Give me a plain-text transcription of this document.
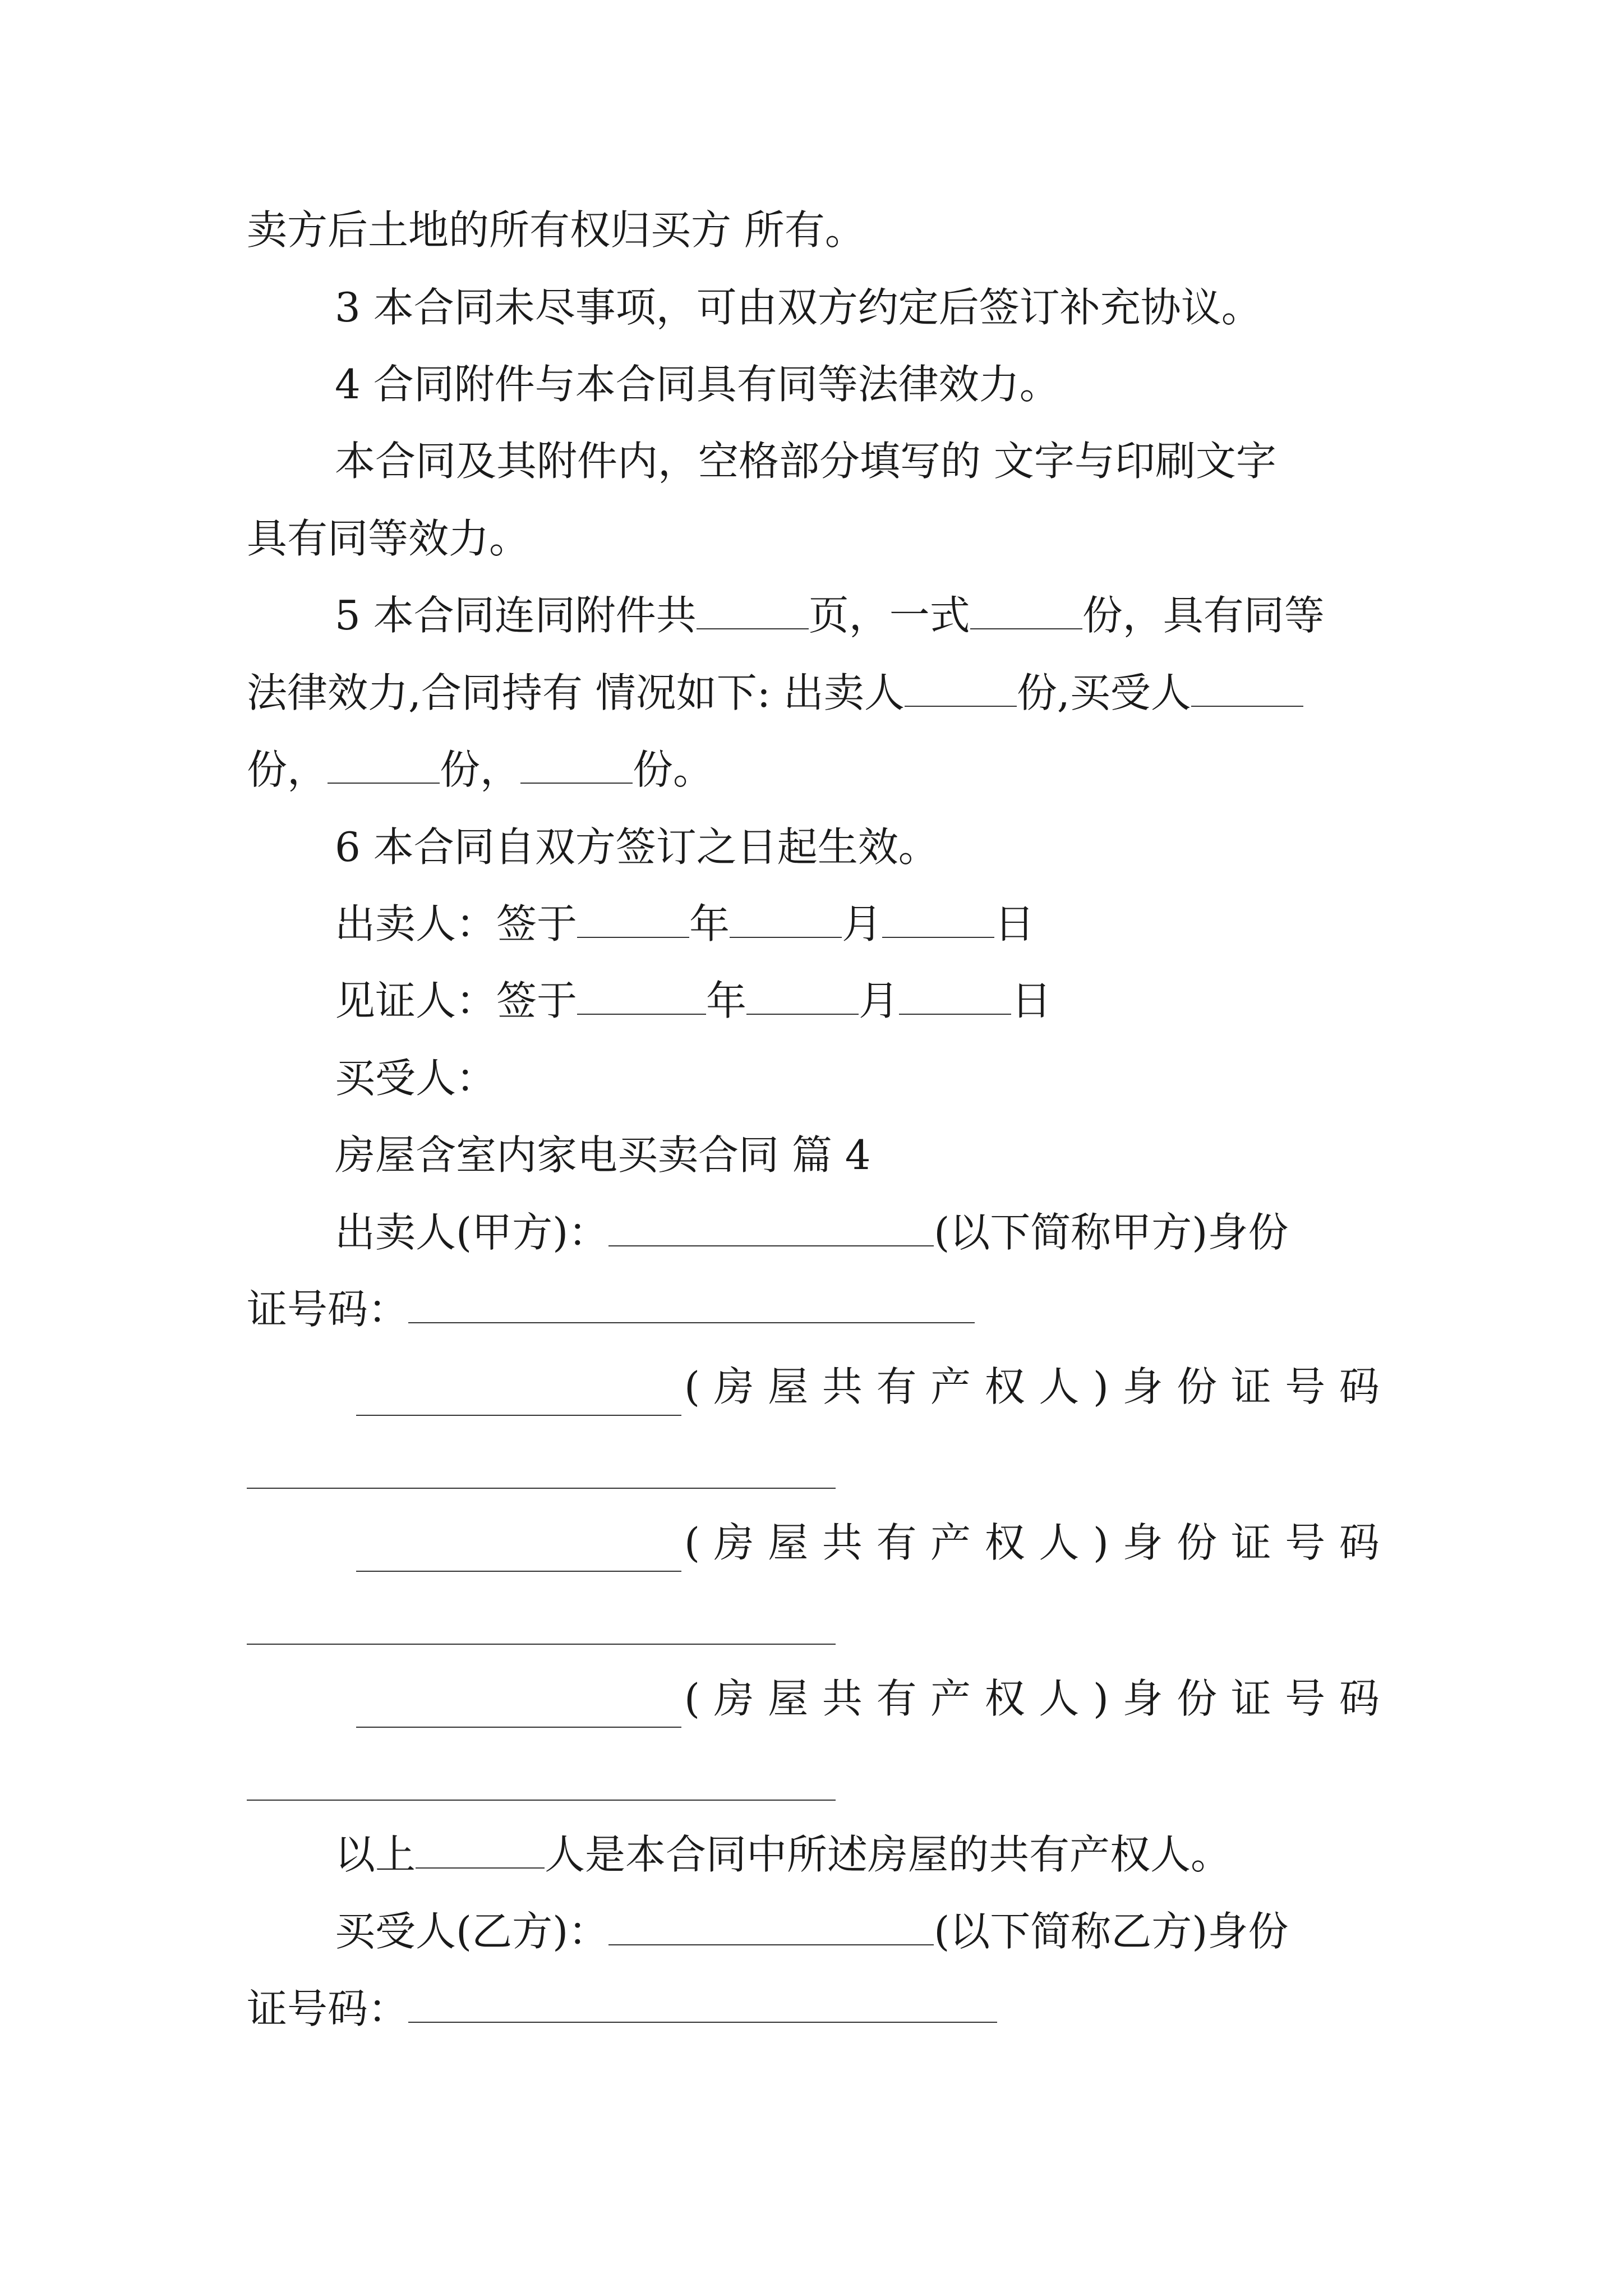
卖方后土地的所有权归买方 所有。
3 本合同未尽事项，可由双方约定后签订补充协议。
4 合同附件与本合同具有同等法律效力。
本合同及其附件内，空格部分填写的 文字与印刷文字
具有同等效力。
5 本合同连同附件共	页，一式	份，具有同等
法律效力,合同持有 情况如下: 出卖人	份,买受人
份，	份，	份。
6 本合同自双方签订之日起生效。
出卖人：签于	年	月	日
见证人：签于	年	月	日
买受人：
房屋含室内家电买卖合同 篇 4
出卖人(甲方)：	(以下简称甲方)身份
证号码：
( 房 屋 共 有 产 权 人 ) 身 份 证 号 码
( 房 屋 共 有 产 权 人 ) 身 份 证 号 码
( 房 屋 共 有 产 权 人 ) 身 份 证 号 码
以上	人是本合同中所述房屋的共有产权人。
买受人(乙方)：	(以下简称乙方)身份
证号码：
